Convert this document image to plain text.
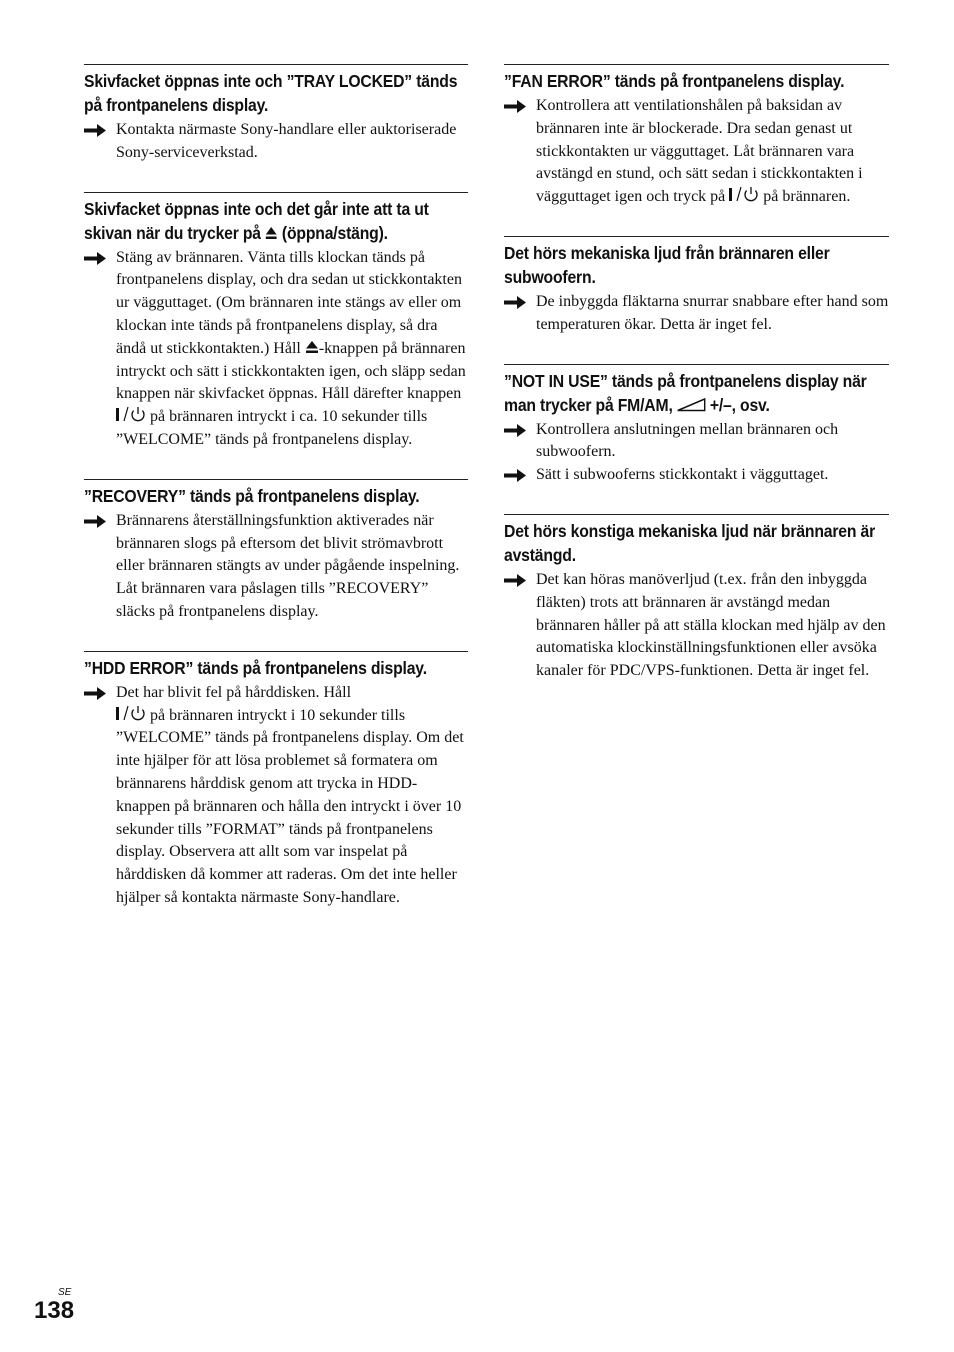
Skivfacket öppnas inte och ”TRAY LOCKED” tänds på frontpanelens display.

Kontakta närmaste Sony-handlare eller auktoriserade Sony-serviceverkstad.

Skivfacket öppnas inte och det går inte att ta ut skivan när du trycker på  (öppna/stäng).

Stäng av brännaren. Vänta tills klockan tänds på frontpanelens display, och dra sedan ut stickkontakten ur vägguttaget. (Om brännaren inte stängs av eller om klockan inte tänds på frontpanelens display, så dra ändå ut stickkontakten.) Håll -knappen på brännaren intryckt och sätt i stickkontakten igen, och släpp sedan knappen när skivfacket öppnas. Håll därefter knappen  på brännaren intryckt i ca. 10 sekunder tills ”WELCOME” tänds på frontpanelens display.

”RECOVERY” tänds på frontpanelens display.

Brännarens återställningsfunktion aktiverades när brännaren slogs på eftersom det blivit strömavbrott eller brännaren stängts av under pågående inspelning. Låt brännaren vara påslagen tills ”RECOVERY” släcks på frontpanelens display.

”HDD ERROR” tänds på frontpanelens display.

Det har blivit fel på hårddisken. Håll
på brännaren intryckt i 10 sekunder tills ”WELCOME” tänds på frontpanelens display. Om det inte hjälper för att lösa problemet så formatera om brännarens hårddisk genom att trycka in HDD-knappen på brännaren och hålla den intryckt i över 10 sekunder tills ”FORMAT” tänds på frontpanelens display. Observera att allt som var inspelat på hårddisken då kommer att raderas. Om det inte heller hjälper så kontakta närmaste Sony-handlare.

”FAN ERROR” tänds på frontpanelens display.

Kontrollera att ventilationshålen på baksidan av brännaren inte är blockerade. Dra sedan genast ut stickkontakten ur vägguttaget. Låt brännaren vara avstängd en stund, och sätt sedan i stickkontakten i vägguttaget igen och tryck på  på brännaren.

Det hörs mekaniska ljud från brännaren eller subwoofern.

De inbyggda fläktarna snurrar snabbare efter hand som temperaturen ökar. Detta är inget fel.

”NOT IN USE” tänds på frontpanelens display när man trycker på FM/AM,  +/–, osv.

Kontrollera anslutningen mellan brännaren och subwoofern.

Sätt i subwooferns stickkontakt i vägguttaget.

Det hörs konstiga mekaniska ljud när brännaren är avstängd.

Det kan höras manöverljud (t.ex. från den inbyggda fläkten) trots att brännaren är avstängd medan brännaren håller på att ställa klockan med hjälp av den automatiska klockinställningsfunktionen eller avsöka kanaler för PDC/VPS-funktionen. Detta är inget fel.

SE
138
